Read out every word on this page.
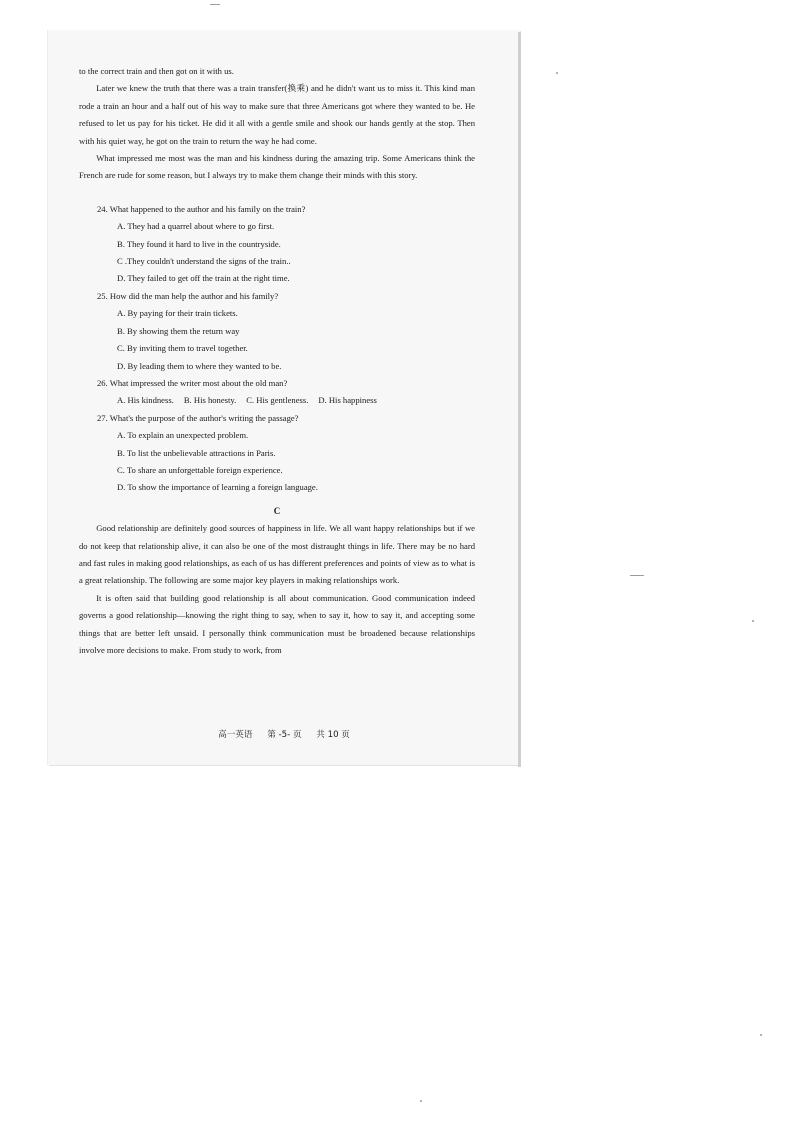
to the correct train and then got on it with us.

Later we knew the truth that there was a train transfer(换乘) and he didn't want us to miss it. This kind man rode a train an hour and a half out of his way to make sure that three Americans got where they wanted to be. He refused to let us pay for his ticket. He did it all with a gentle smile and shook our hands gently at the stop. Then with his quiet way, he got on the train to return the way he had come.

What impressed me most was the man and his kindness during the amazing trip. Some Americans think the French are rude for some reason, but I always try to make them change their minds with this story.

24. What happened to the author and his family on the train?

A. They had a quarrel about where to go first.

B. They found it hard to live in the countryside.

C .They couldn't understand the signs of the train..

D. They failed to get off the train at the right time.

25. How did the man help the author and his family?

A. By paying for their train tickets.

B. By showing them the return way

C. By inviting them to travel together.

D. By leading them to where they wanted to be.

26. What impressed the writer most about the old man?

A. His kindness. B. His honesty. C. His gentleness. D. His happiness

27. What's the purpose of the author's writing the passage?

A. To explain an unexpected problem.

B. To list the unbelievable attractions in Paris.

C. To share an unforgettable foreign experience.

D. To show the importance of learning a foreign language.

C

Good relationship are definitely good sources of happiness in life. We all want happy relationships but if we do not keep that relationship alive, it can also be one of the most distraught things in life. There may be no hard and fast rules in making good relationships, as each of us has different preferences and points of view as to what is a great relationship. The following are some major key players in making relationships work.

It is often said that building good relationship is all about communication. Good communication indeed governs a good relationship—knowing the right thing to say, when to say it, how to say it, and accepting some things that are better left unsaid. I personally think communication must be broadened because relationships involve more decisions to make. From study to work, from

高一英语 第 -5- 页 共 10 页
